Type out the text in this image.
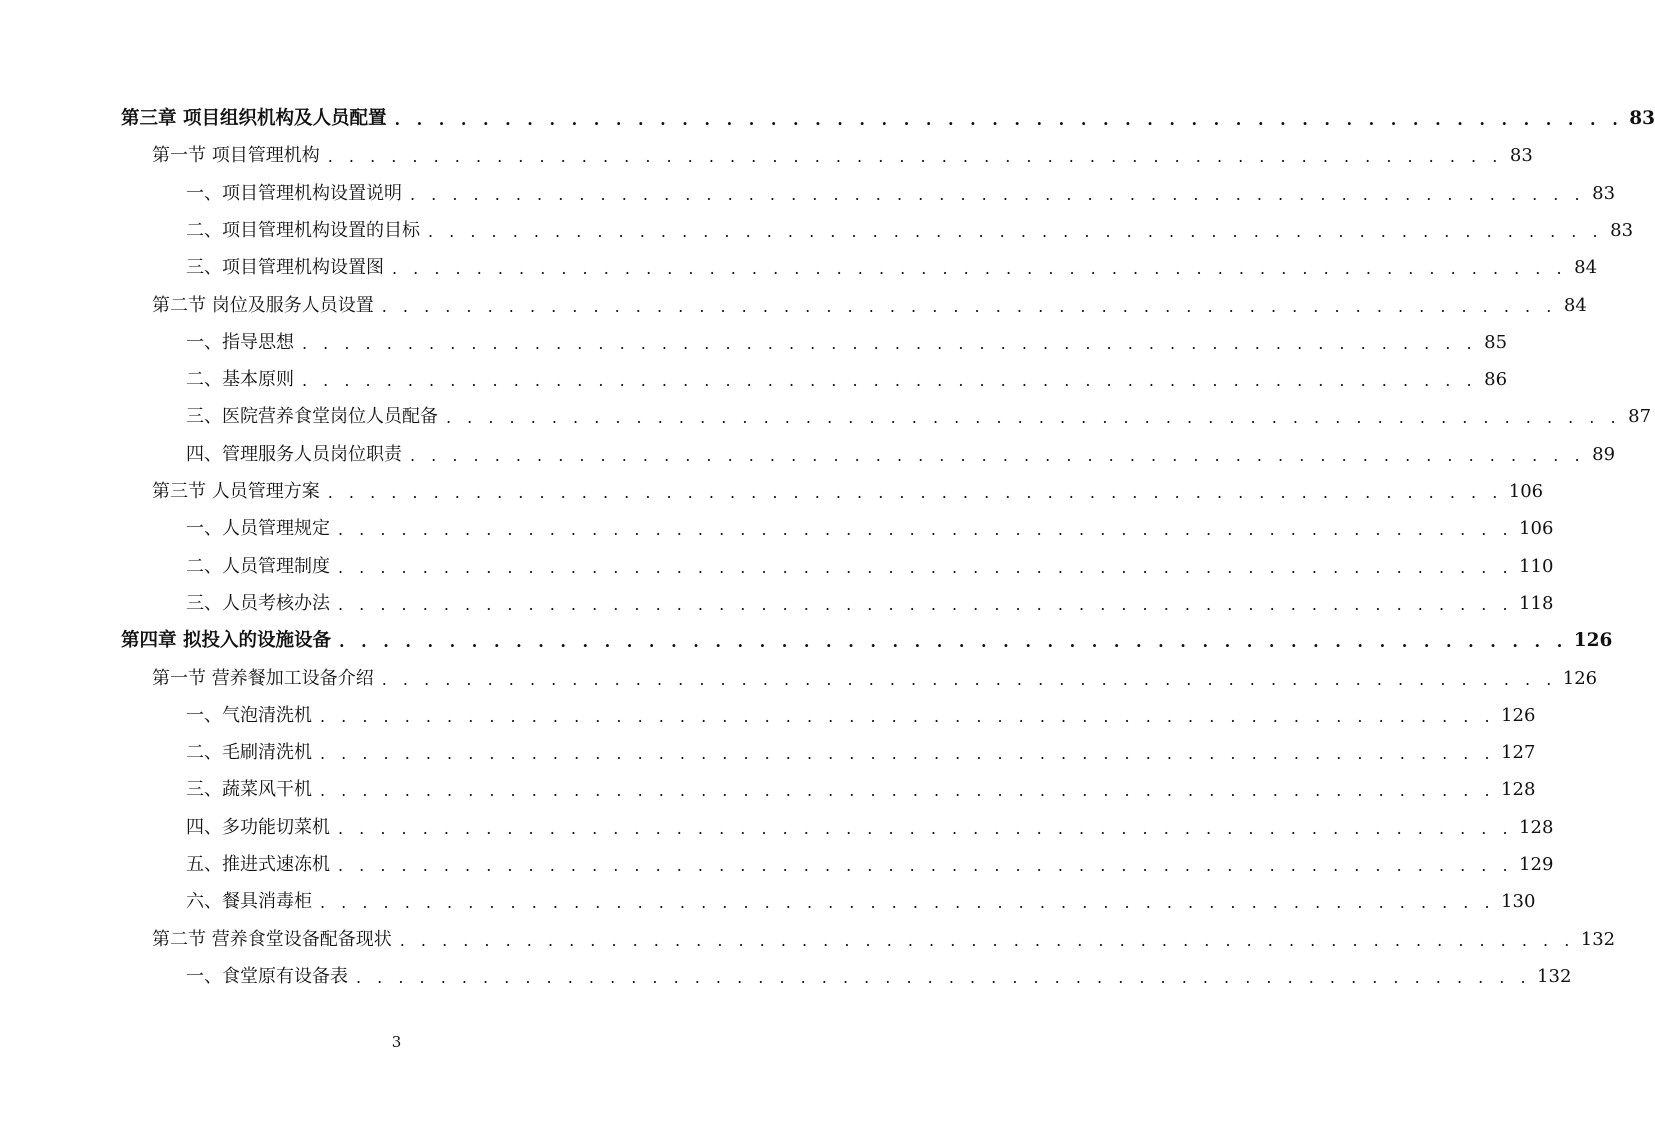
第三章 项目组织机构及人员配置 . . . . . . . . . . . . . . . . . . . . . . . . . . . . . . . . . . . . . . . . . . . . . . . . . . . . . . . . 83
第一节 项目管理机构 . . . . . . . . . . . . . . . . . . . . . . . . . . . . . . . . . . . . . . . . . . . . . . . . . . . . . . . . 83
一、项目管理机构设置说明 . . . . . . . . . . . . . . . . . . . . . . . . . . . . . . . . . . . . . . . . . . . . . . . . . . . . . . . . 83
二、项目管理机构设置的目标 . . . . . . . . . . . . . . . . . . . . . . . . . . . . . . . . . . . . . . . . . . . . . . . . . . . . . . . . 83
三、项目管理机构设置图 . . . . . . . . . . . . . . . . . . . . . . . . . . . . . . . . . . . . . . . . . . . . . . . . . . . . . . . . 84
第二节 岗位及服务人员设置 . . . . . . . . . . . . . . . . . . . . . . . . . . . . . . . . . . . . . . . . . . . . . . . . . . . . . . . . 84
一、指导思想 . . . . . . . . . . . . . . . . . . . . . . . . . . . . . . . . . . . . . . . . . . . . . . . . . . . . . . . . 85
二、基本原则 . . . . . . . . . . . . . . . . . . . . . . . . . . . . . . . . . . . . . . . . . . . . . . . . . . . . . . . . 86
三、医院营养食堂岗位人员配备 . . . . . . . . . . . . . . . . . . . . . . . . . . . . . . . . . . . . . . . . . . . . . . . . . . . . . . . . 87
四、管理服务人员岗位职责 . . . . . . . . . . . . . . . . . . . . . . . . . . . . . . . . . . . . . . . . . . . . . . . . . . . . . . . . 89
第三节 人员管理方案 . . . . . . . . . . . . . . . . . . . . . . . . . . . . . . . . . . . . . . . . . . . . . . . . . . . . . . . . 106
一、人员管理规定 . . . . . . . . . . . . . . . . . . . . . . . . . . . . . . . . . . . . . . . . . . . . . . . . . . . . . . . . 106
二、人员管理制度 . . . . . . . . . . . . . . . . . . . . . . . . . . . . . . . . . . . . . . . . . . . . . . . . . . . . . . . . 110
三、人员考核办法 . . . . . . . . . . . . . . . . . . . . . . . . . . . . . . . . . . . . . . . . . . . . . . . . . . . . . . . . 118
第四章 拟投入的设施设备 . . . . . . . . . . . . . . . . . . . . . . . . . . . . . . . . . . . . . . . . . . . . . . . . . . . . . . . . 126
第一节 营养餐加工设备介绍 . . . . . . . . . . . . . . . . . . . . . . . . . . . . . . . . . . . . . . . . . . . . . . . . . . . . . . . . 126
一、气泡清洗机 . . . . . . . . . . . . . . . . . . . . . . . . . . . . . . . . . . . . . . . . . . . . . . . . . . . . . . . . 126
二、毛刷清洗机 . . . . . . . . . . . . . . . . . . . . . . . . . . . . . . . . . . . . . . . . . . . . . . . . . . . . . . . . 127
三、蔬菜风干机 . . . . . . . . . . . . . . . . . . . . . . . . . . . . . . . . . . . . . . . . . . . . . . . . . . . . . . . . 128
四、多功能切菜机 . . . . . . . . . . . . . . . . . . . . . . . . . . . . . . . . . . . . . . . . . . . . . . . . . . . . . . . . 128
五、推进式速冻机 . . . . . . . . . . . . . . . . . . . . . . . . . . . . . . . . . . . . . . . . . . . . . . . . . . . . . . . . 129
六、餐具消毒柜 . . . . . . . . . . . . . . . . . . . . . . . . . . . . . . . . . . . . . . . . . . . . . . . . . . . . . . . . 130
第二节 营养食堂设备配备现状 . . . . . . . . . . . . . . . . . . . . . . . . . . . . . . . . . . . . . . . . . . . . . . . . . . . . . . . . 132
一、食堂原有设备表 . . . . . . . . . . . . . . . . . . . . . . . . . . . . . . . . . . . . . . . . . . . . . . . . . . . . . . . . 132
3
